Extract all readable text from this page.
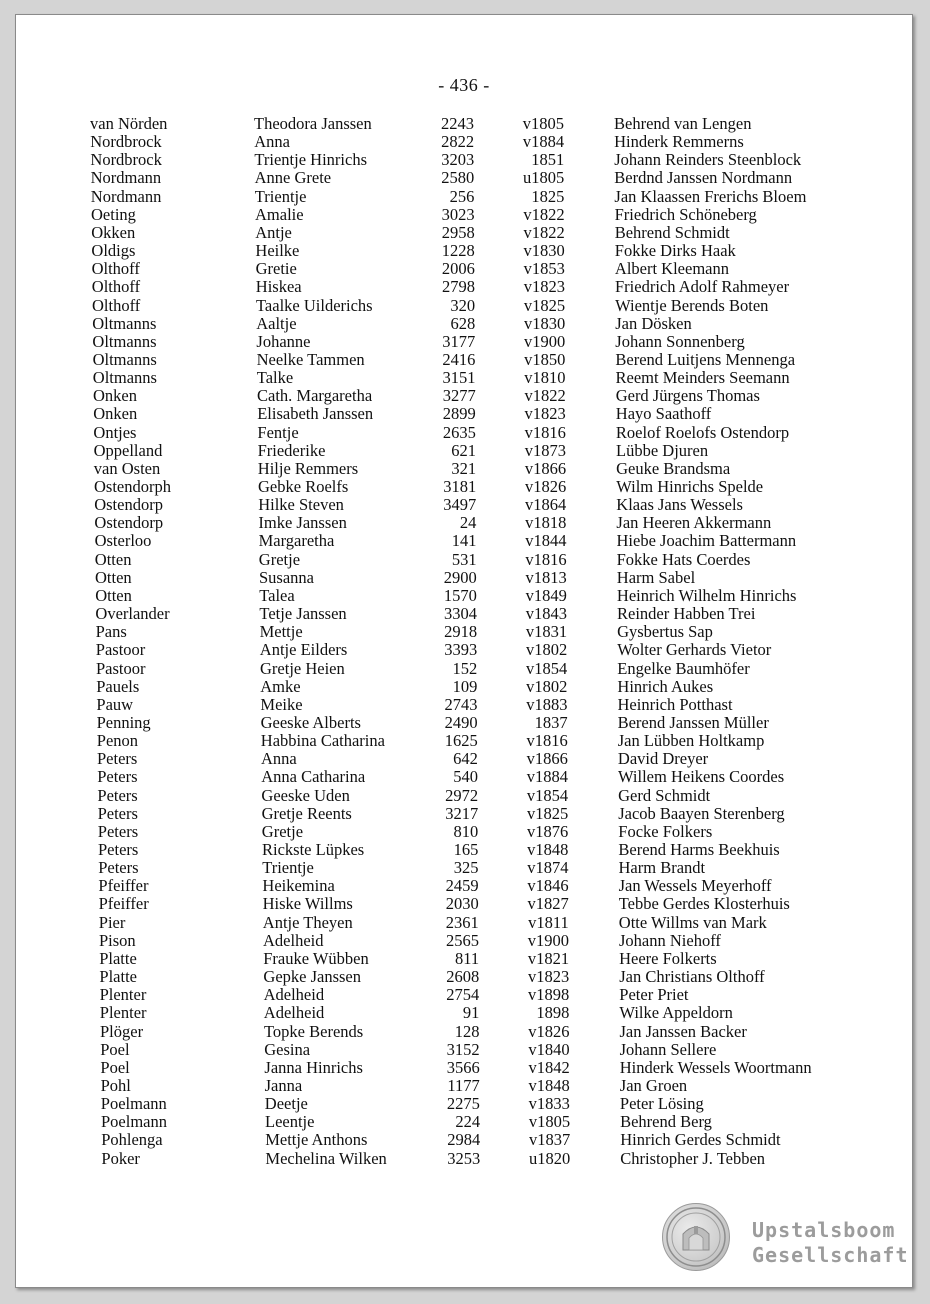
- 436 -
van Nörden	Theodora Janssen	2243	v1805	Behrend van Lengen
Nordbrock	Anna	2822	v1884	Hinderk Remmerns
Nordbrock	Trientje Hinrichs	3203	1851	Johann Reinders Steenblock
Nordmann	Anne Grete	2580	u1805	Berdnd Janssen Nordmann
Nordmann	Trientje	256	1825	Jan Klaassen Frerichs Bloem
Oeting	Amalie	3023	v1822	Friedrich Schöneberg
Okken	Antje	2958	v1822	Behrend Schmidt
Oldigs	Heilke	1228	v1830	Fokke Dirks Haak
Olthoff	Gretie	2006	v1853	Albert Kleemann
Olthoff	Hiskea	2798	v1823	Friedrich Adolf Rahmeyer
Olthoff	Taalke Uilderichs	320	v1825	Wientje Berends Boten
Oltmanns	Aaltje	628	v1830	Jan Dösken
Oltmanns	Johanne	3177	v1900	Johann Sonnenberg
Oltmanns	Neelke Tammen	2416	v1850	Berend Luitjens Mennenga
Oltmanns	Talke	3151	v1810	Reemt Meinders Seemann
Onken	Cath. Margaretha	3277	v1822	Gerd Jürgens Thomas
Onken	Elisabeth Janssen	2899	v1823	Hayo Saathoff
Ontjes	Fentje	2635	v1816	Roelof Roelofs Ostendorp
Oppelland	Friederike	621	v1873	Lübbe Djuren
van Osten	Hilje Remmers	321	v1866	Geuke Brandsma
Ostendorph	Gebke Roelfs	3181	v1826	Wilm Hinrichs Spelde
Ostendorp	Hilke Steven	3497	v1864	Klaas Jans Wessels
Ostendorp	Imke Janssen	24	v1818	Jan Heeren Akkermann
Osterloo	Margaretha	141	v1844	Hiebe Joachim Battermann
Otten	Gretje	531	v1816	Fokke Hats Coerdes
Otten	Susanna	2900	v1813	Harm Sabel
Otten	Talea	1570	v1849	Heinrich Wilhelm Hinrichs
Overlander	Tetje Janssen	3304	v1843	Reinder Habben Trei
Pans	Mettje	2918	v1831	Gysbertus Sap
Pastoor	Antje Eilders	3393	v1802	Wolter Gerhards Vietor
Pastoor	Gretje Heien	152	v1854	Engelke Baumhöfer
Pauels	Amke	109	v1802	Hinrich Aukes
Pauw	Meike	2743	v1883	Heinrich Potthast
Penning	Geeske Alberts	2490	1837	Berend Janssen Müller
Penon	Habbina Catharina	1625	v1816	Jan Lübben Holtkamp
Peters	Anna	642	v1866	David Dreyer
Peters	Anna Catharina	540	v1884	Willem Heikens Coordes
Peters	Geeske Uden	2972	v1854	Gerd Schmidt
Peters	Gretje Reents	3217	v1825	Jacob Baayen Sterenberg
Peters	Gretje	810	v1876	Focke Folkers
Peters	Rickste Lüpkes	165	v1848	Berend Harms Beekhuis
Peters	Trientje	325	v1874	Harm Brandt
Pfeiffer	Heikemina	2459	v1846	Jan Wessels Meyerhoff
Pfeiffer	Hiske Willms	2030	v1827	Tebbe Gerdes Klosterhuis
Pier	Antje Theyen	2361	v1811	Otte Willms van Mark
Pison	Adelheid	2565	v1900	Johann Niehoff
Platte	Frauke Wübben	811	v1821	Heere Folkerts
Platte	Gepke Janssen	2608	v1823	Jan Christians Olthoff
Plenter	Adelheid	2754	v1898	Peter Priet
Plenter	Adelheid	91	1898	Wilke Appeldorn
Plöger	Topke Berends	128	v1826	Jan Janssen Backer
Poel	Gesina	3152	v1840	Johann Sellere
Poel	Janna Hinrichs	3566	v1842	Hinderk Wessels Woortmann
Pohl	Janna	1177	v1848	Jan Groen
Poelmann	Deetje	2275	v1833	Peter Lösing
Poelmann	Leentje	224	v1805	Behrend Berg
Pohlenga	Mettje Anthons	2984	v1837	Hinrich Gerdes Schmidt
Poker	Mechelina Wilken	3253	u1820	Christopher J. Tebben
Upstalsboom
Gesellschaft
